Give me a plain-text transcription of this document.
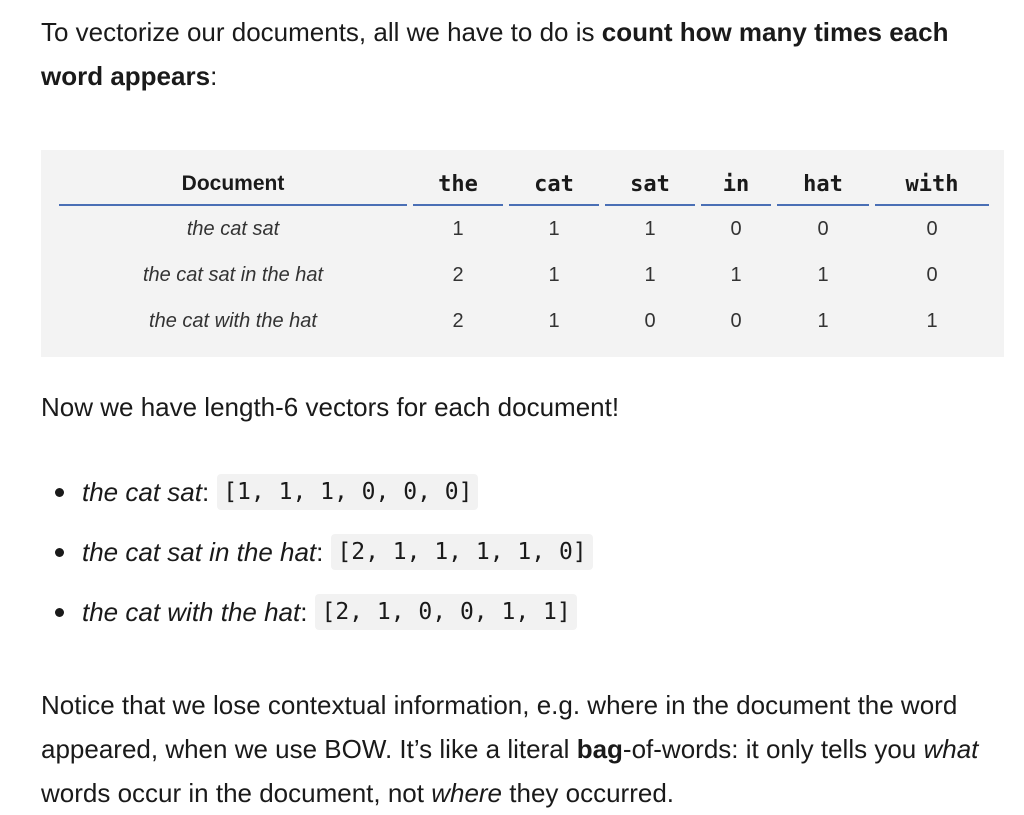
To vectorize our documents, all we have to do is count how many times each word appears:

Document	the	cat	sat	in	hat	with
the cat sat	1	1	1	0	0	0
the cat sat in the hat	2	1	1	1	1	0
the cat with the hat	2	1	0	0	1	1

Now we have length-6 vectors for each document!

the cat sat : [1, 1, 1, 0, 0, 0]
the cat sat in the hat : [2, 1, 1, 1, 1, 0]
the cat with the hat : [2, 1, 0, 0, 1, 1]

Notice that we lose contextual information, e.g. where in the document the word appeared, when we use BOW. It’s like a literal bag-of-words: it only tells you what words occur in the document, not where they occurred.
